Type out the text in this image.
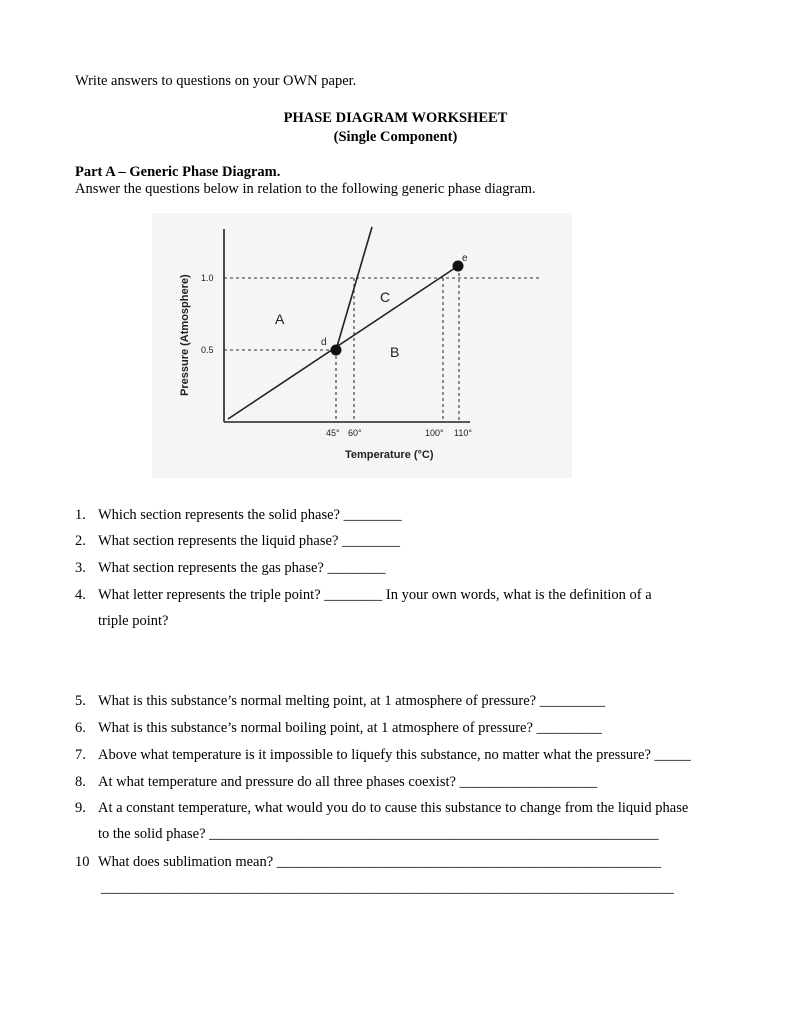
Write answers to questions on your OWN paper.
PHASE DIAGRAM WORKSHEET
(Single Component)
Part A – Generic Phase Diagram.
Answer the questions below in relation to the following generic phase diagram.
e
d
A
B
C
1.0
0.5
45° 60°	100° 110°
Temperature (°C)
Pressure (Atmosphere)
1. Which section represents the solid phase? ________
2. What section represents the liquid phase? ________
3. What section represents the gas phase? ________
4. What letter represents the triple point? ________ In your own words, what is the definition of a
triple point?
5. What is this substance’s normal melting point, at 1 atmosphere of pressure? _________
6. What is this substance’s normal boiling point, at 1 atmosphere of pressure? _________
7. Above what temperature is it impossible to liquefy this substance, no matter what the pressure? _____
8. At what temperature and pressure do all three phases coexist? ___________________
9. At a constant temperature, what would you do to cause this substance to change from the liquid phase
to the solid phase? ______________________________________________________________
10 What does sublimation mean? _____________________________________________________
_______________________________________________________________________________
